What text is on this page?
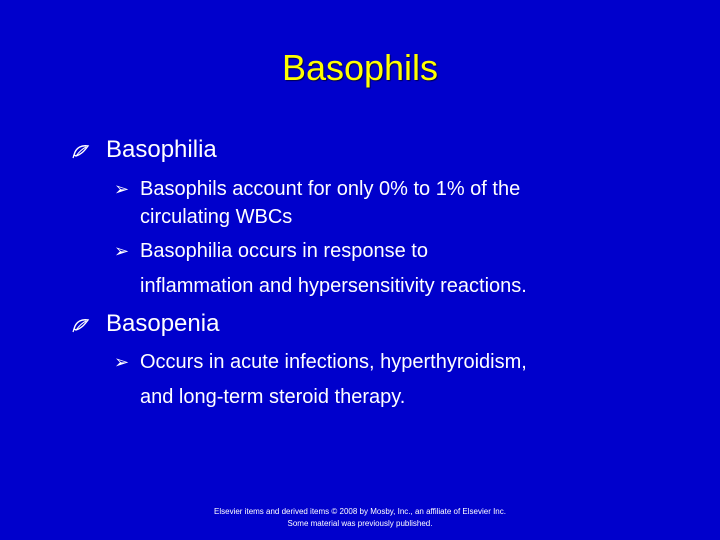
Basophils
Basophilia
➢ Basophils account for only 0% to 1% of the
circulating WBCs
➢ Basophilia occurs in response to
inflammation and hypersensitivity reactions.
Basopenia
➢ Occurs in acute infections, hyperthyroidism,
and long-term steroid therapy.
Elsevier items and derived items © 2008 by Mosby, Inc., an affiliate of Elsevier Inc.
Some material was previously published.
